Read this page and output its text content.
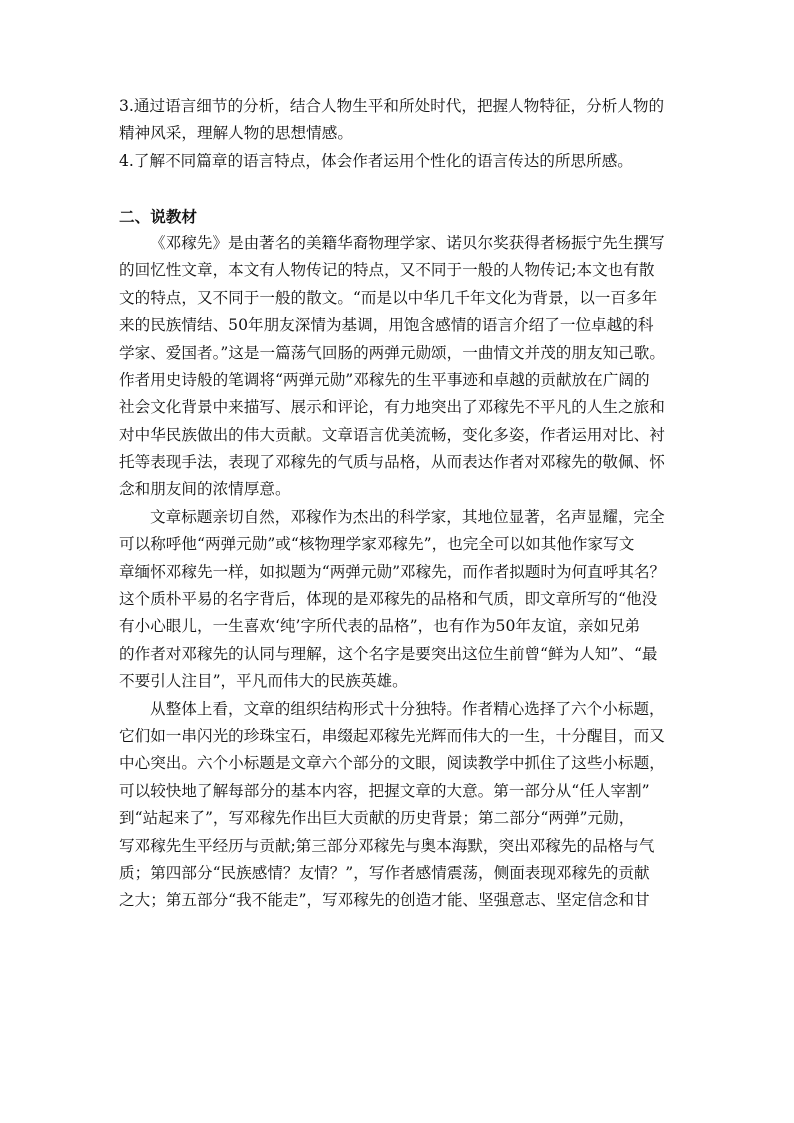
3.通过语言细节的分析，结合人物生平和所处时代，把握人物特征，分析人物的
精神风采，理解人物的思想情感。
4.了解不同篇章的语言特点，体会作者运用个性化的语言传达的所思所感。
二、说教材
《邓稼先》是由著名的美籍华裔物理学家、诺贝尔奖获得者杨振宁先生撰写
的回忆性文章，本文有人物传记的特点，又不同于一般的人物传记;本文也有散
文的特点，又不同于一般的散文。“而是以中华几千年文化为背景，以一百多年
来的民族情结、50年朋友深情为基调，用饱含感情的语言介绍了一位卓越的科
学家、爱国者。”这是一篇荡气回肠的两弹元勋颂，一曲情文并茂的朋友知己歌。
作者用史诗般的笔调将“两弹元勋”邓稼先的生平事迹和卓越的贡献放在广阔的
社会文化背景中来描写、展示和评论，有力地突出了邓稼先不平凡的人生之旅和
对中华民族做出的伟大贡献。文章语言优美流畅，变化多姿，作者运用对比、衬
托等表现手法，表现了邓稼先的气质与品格，从而表达作者对邓稼先的敬佩、怀
念和朋友间的浓情厚意。
文章标题亲切自然，邓稼作为杰出的科学家，其地位显著，名声显耀，完全
可以称呼他“两弹元勋”或“核物理学家邓稼先”，也完全可以如其他作家写文
章缅怀邓稼先一样，如拟题为“两弹元勋”邓稼先，而作者拟题时为何直呼其名？
这个质朴平易的名字背后，体现的是邓稼先的品格和气质，即文章所写的“他没
有小心眼儿，一生喜欢‘纯’字所代表的品格”，也有作为50年友谊，亲如兄弟
的作者对邓稼先的认同与理解，这个名字是要突出这位生前曾“鲜为人知”、“最
不要引人注目”，平凡而伟大的民族英雄。
从整体上看，文章的组织结构形式十分独特。作者精心选择了六个小标题，
它们如一串闪光的珍珠宝石，串缀起邓稼先光辉而伟大的一生，十分醒目，而又
中心突出。六个小标题是文章六个部分的文眼，阅读教学中抓住了这些小标题，
可以较快地了解每部分的基本内容，把握文章的大意。第一部分从“任人宰割”
到“站起来了”，写邓稼先作出巨大贡献的历史背景；第二部分“两弹”元勋，
写邓稼先生平经历与贡献;第三部分邓稼先与奥本海默，突出邓稼先的品格与气
质；第四部分“民族感情？友情？”，写作者感情震荡，侧面表现邓稼先的贡献
之大；第五部分“我不能走”，写邓稼先的创造才能、坚强意志、坚定信念和甘
